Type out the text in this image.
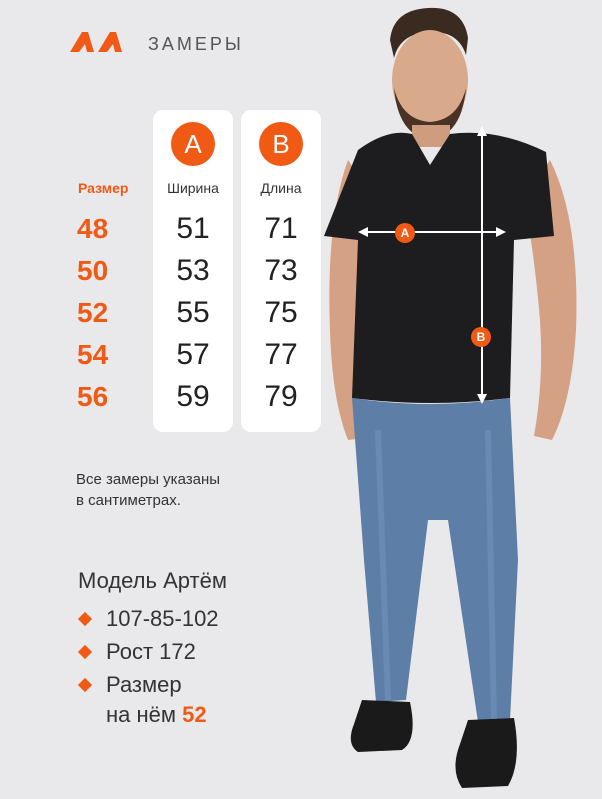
ЗАМЕРЫ
Размер
48
50
52
54
56
A
Ширина
51
53
55
57
59
B
Длина
71
73
75
77
79
Все замеры указаны
в сантиметрах.
Модель Артём
107-85-102
Рост 172
Размер
на нём 52
A
B
